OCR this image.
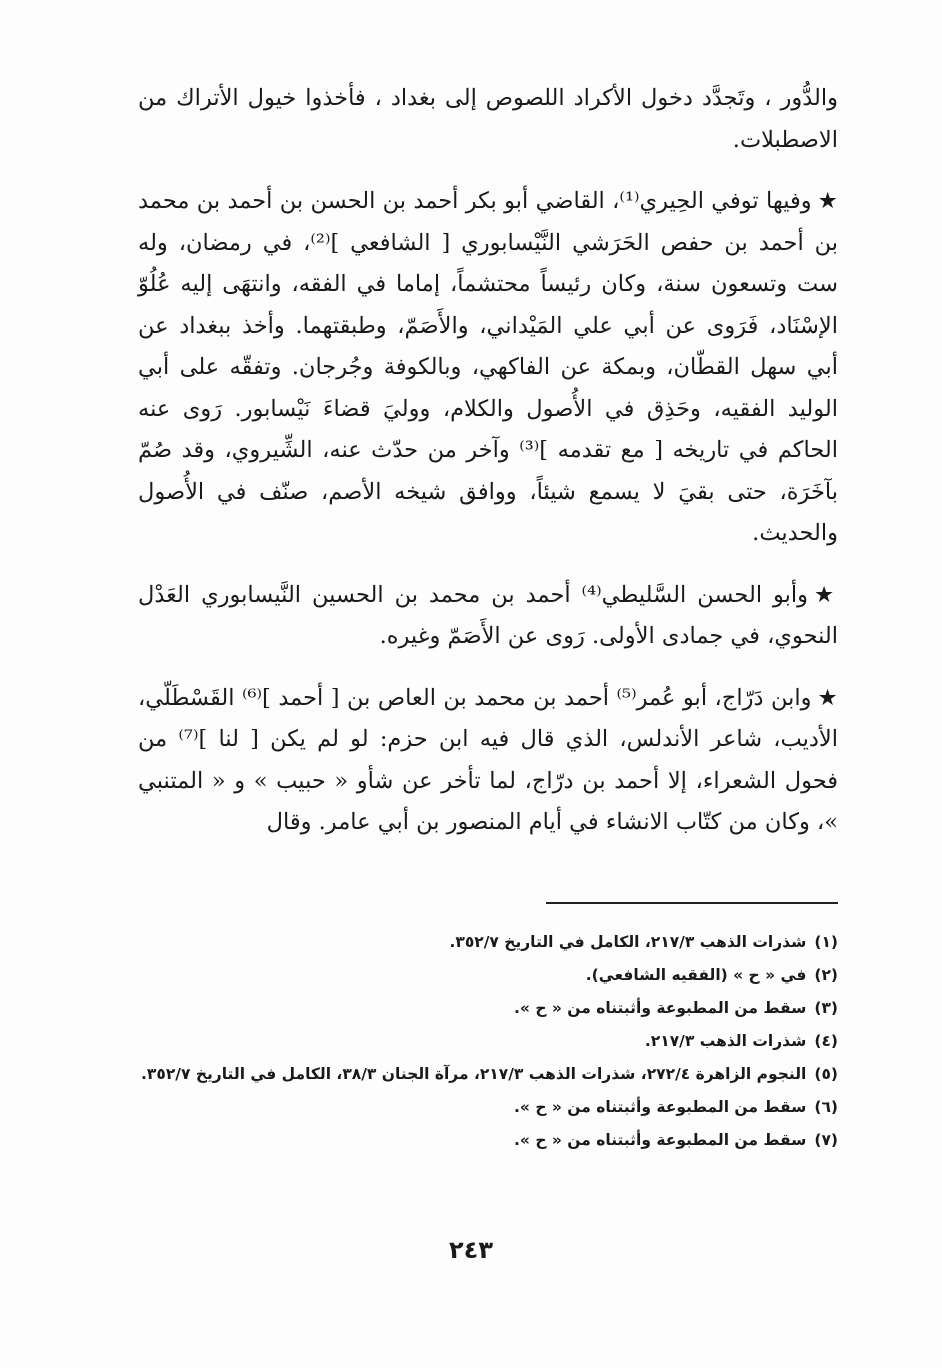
والدُّور ، وتَجدَّد دخول الأكراد اللصوص إلى بغداد ، فأخذوا خيول الأتراك من الاصطبلات.

★وفيها توفي الحِيري⁽¹⁾، القاضي أبو بكر أحمد بن الحسن بن أحمد بن محمد بن أحمد بن حفص الحَرَشي النَّيْسابوري [ الشافعي ]⁽²⁾، في رمضان، وله ست وتسعون سنة، وكان رئيساً محتشماً، إماما في الفقه، وانتهَى إليه عُلُوّ الإسْنَاد، فَرَوى عن أبي علي المَيْداني، والأَصَمّ، وطبقتهما. وأخذ ببغداد عن أبي سهل القطّان، وبمكة عن الفاكهي، وبالكوفة وجُرجان. وتفقّه على أبي الوليد الفقيه، وحَذِق في الأُصول والكلام، ووليَ قضاءَ نَيْسابور. رَوى عنه الحاكم في تاريخه [ مع تقدمه ]⁽³⁾ وآخر من حدّث عنه، الشِّيروي، وقد صُمّ بآخَرَة، حتى بقيَ لا يسمع شيئاً، ووافق شيخه الأصم، صنّف في الأُصول والحديث.

★وأبو الحسن السَّليطي⁽⁴⁾ أحمد بن محمد بن الحسين النَّيسابوري العَدْل النحوي، في جمادى الأولى. رَوى عن الأَصَمّ وغيره.

★وابن دَرّاج، أبو عُمر⁽⁵⁾ أحمد بن محمد بن العاص بن [ أحمد ]⁽⁶⁾ القَسْطَلّي، الأديب، شاعر الأندلس، الذي قال فيه ابن حزم: لو لم يكن [ لنا ]⁽⁷⁾ من فحول الشعراء، إلا أحمد بن درّاج، لما تأخر عن شأو « حبيب » و « المتنبي »، وكان من كتّاب الانشاء في أيام المنصور بن أبي عامر. وقال

(١)شذرات الذهب ٢١٧/٣، الكامل في التاريخ ٣٥٢/٧.

(٢)في « ح » (الفقيه الشافعي).

(٣)سقط من المطبوعة وأثبتناه من « ح ».

(٤)شذرات الذهب ٢١٧/٣.

(٥)النجوم الزاهرة ٢٧٢/٤، شذرات الذهب ٢١٧/٣، مرآة الجنان ٣٨/٣، الكامل في التاريخ ٣٥٢/٧.

(٦)سقط من المطبوعة وأثبتناه من « ح ».

(٧)سقط من المطبوعة وأثبتناه من « ح ».

٢٤٣
